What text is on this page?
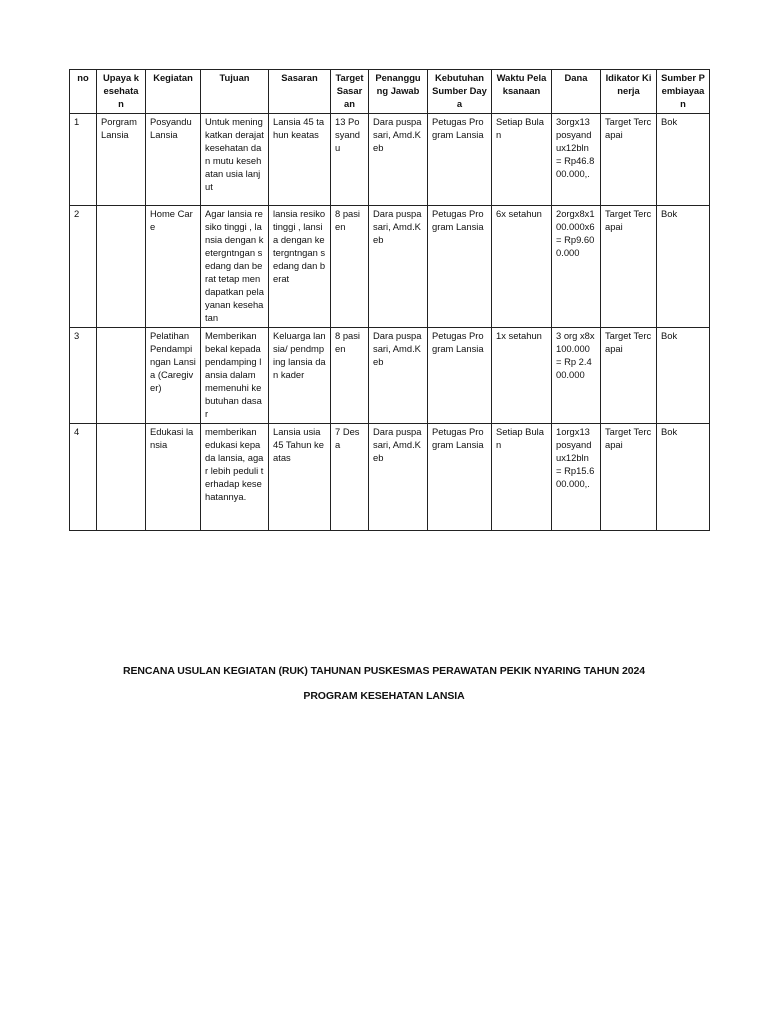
no	Upaya kesehatan	Kegiatan	Tujuan	Sasaran	Target Sasaran	Penanggung Jawab	Kebutuhan Sumber Daya	Waktu Pelaksanaan	Dana	Idikator Kinerja	Sumber Pembiayaan
1	Porgram Lansia	Posyandu Lansia	Untuk meningkatkan derajat kesehatan dan mutu kesehatan usia lanjut	Lansia 45 tahun keatas	13 Posyandu	Dara puspa sari, Amd.Keb	Petugas Program Lansia	Setiap Bulan	3orgx13 posyandux12bln = Rp46.800.000,.	Target Tercapai	Bok
2		Home Care	Agar lansia resiko tinggi , lansia dengan ketergntngan sedang dan berat tetap mendapatkan pelayanan kesehatan	lansia resiko tinggi , lansia dengan ketergntngan sedang dan berat	8 pasien	Dara puspa sari, Amd.Keb	Petugas Program Lansia	6x setahun	2orgx8x100.000x6 = Rp9.600.000	Target Tercapai	Bok
3		Pelatihan Pendampingan Lansia (Caregiver)	Memberikan bekal kepada pendamping lansia dalam memenuhi kebutuhan dasar	Keluarga lansia/ pendmping lansia dan kader	8 pasien	Dara puspa sari, Amd.Keb	Petugas Program Lansia	1x setahun	3 org x8x100.000 = Rp 2.400.000	Target Tercapai	Bok
4		Edukasi lansia	memberikan edukasi kepada lansia, agar lebih peduli terhadap kesehatannya.	Lansia usia 45 Tahun ke atas	7 Desa	Dara puspa sari, Amd.Keb	Petugas Program Lansia	Setiap Bulan	1orgx13 posyandux12bln = Rp15.600.000,.	Target Tercapai	Bok
RENCANA USULAN KEGIATAN (RUK) TAHUNAN PUSKESMAS PERAWATAN PEKIK NYARING TAHUN 2024
PROGRAM KESEHATAN LANSIA
